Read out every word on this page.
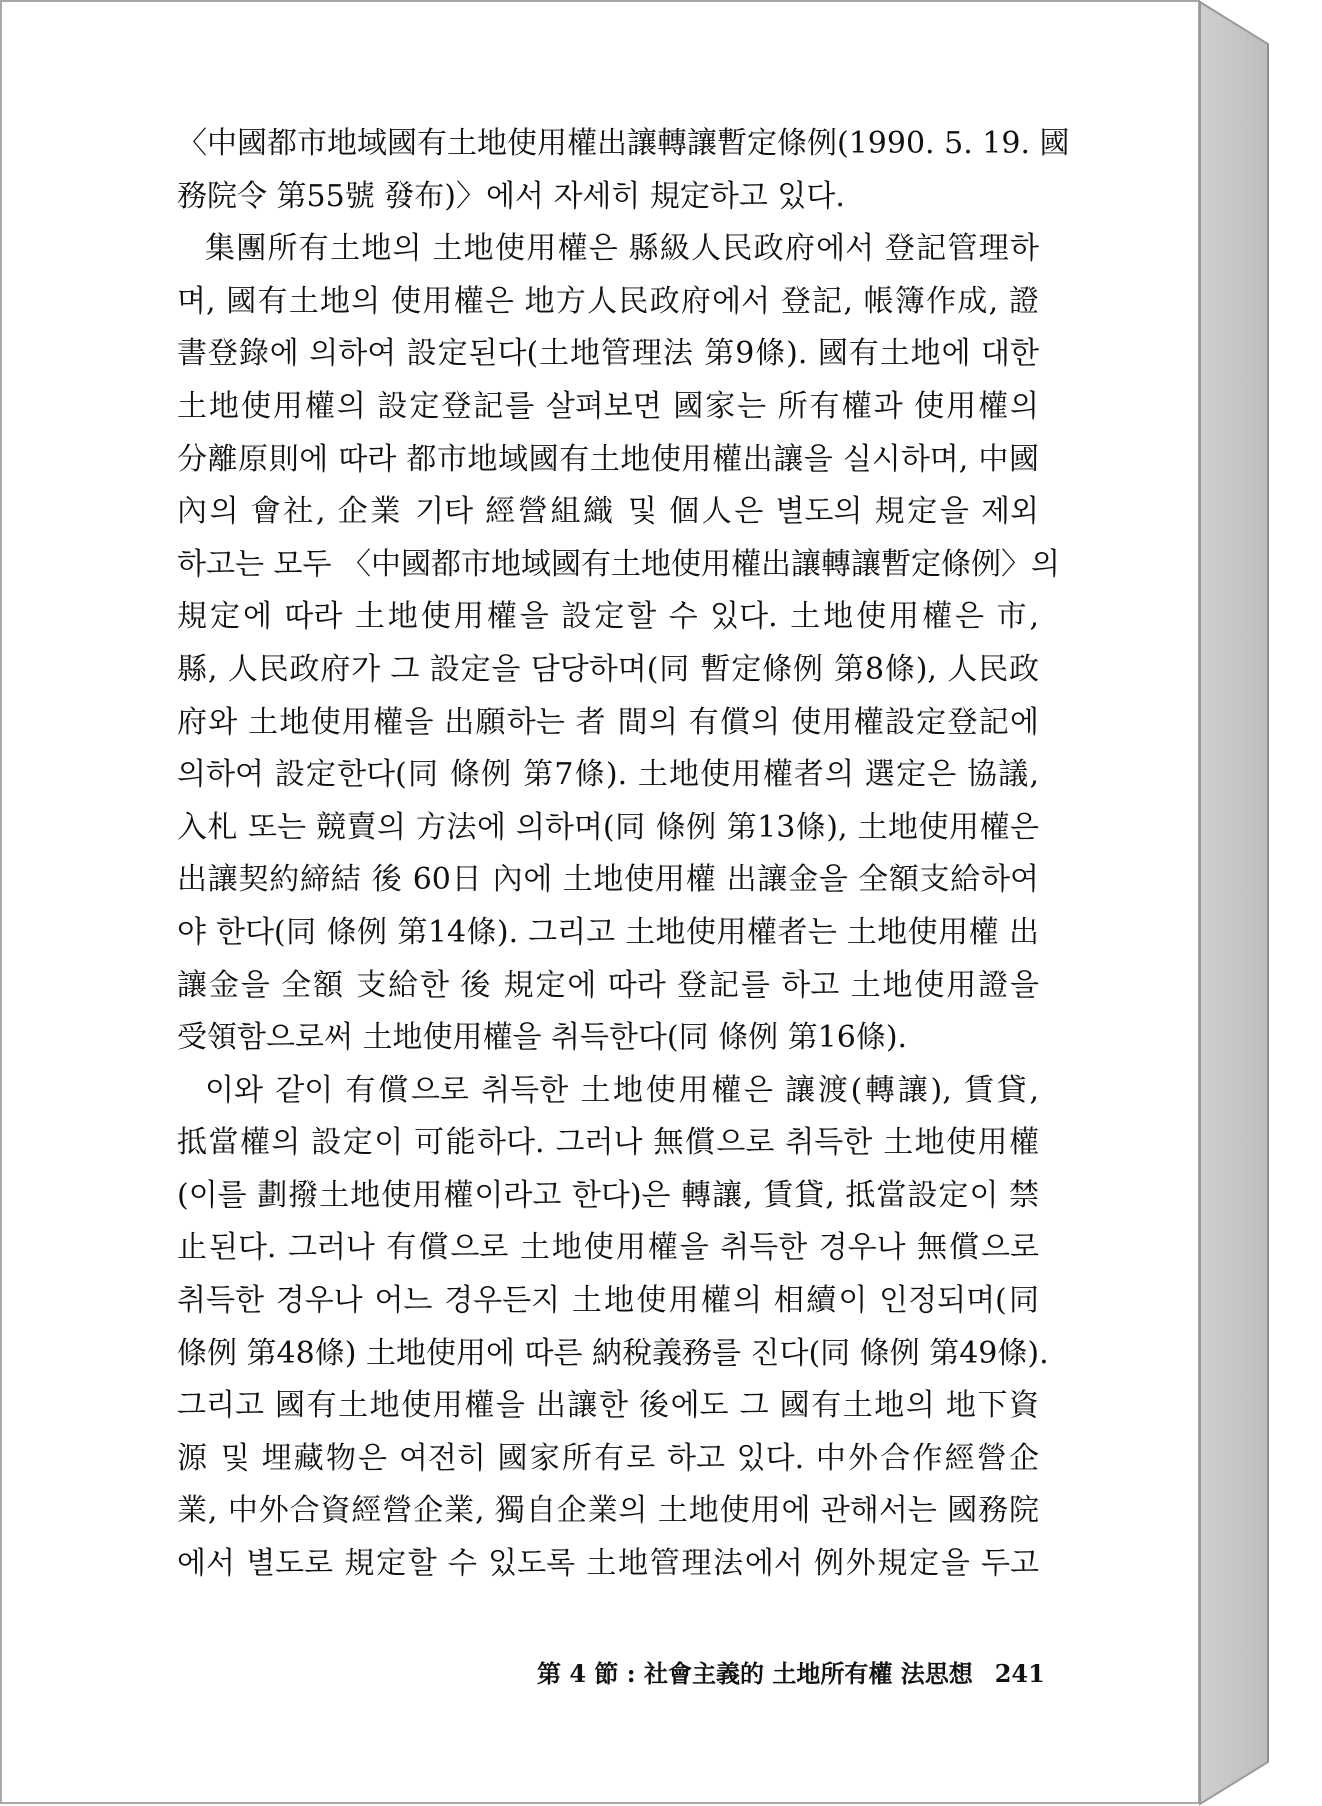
〈中國都市地域國有土地使用權出讓轉讓暫定條例(1990. 5. 19. 國
務院令 第55號 發布)〉에서 자세히 規定하고 있다.
集團所有土地의 土地使用權은 縣級人民政府에서 登記管理하
며, 國有土地의 使用權은 地方人民政府에서 登記, 帳簿作成, 證
書登錄에 의하여 設定된다(土地管理法 第9條). 國有土地에 대한
土地使用權의 設定登記를 살펴보면 國家는 所有權과 使用權의
分離原則에 따라 都市地域國有土地使用權出讓을 실시하며, 中國
內의 會社, 企業 기타 經營組織 및 個人은 별도의 規定을 제외
하고는 모두 〈中國都市地域國有土地使用權出讓轉讓暫定條例〉의
規定에 따라 土地使用權을 設定할 수 있다. 土地使用權은 市,
縣, 人民政府가 그 設定을 담당하며(同 暫定條例 第8條), 人民政
府와 土地使用權을 出願하는 者 間의 有償의 使用權設定登記에
의하여 設定한다(同 條例 第7條). 土地使用權者의 選定은 協議,
入札 또는 競賣의 方法에 의하며(同 條例 第13條), 土地使用權은
出讓契約締結 後 60日 內에 土地使用權 出讓金을 全額支給하여
야 한다(同 條例 第14條). 그리고 土地使用權者는 土地使用權 出
讓金을 全額 支給한 後 規定에 따라 登記를 하고 土地使用證을
受領함으로써 土地使用權을 취득한다(同 條例 第16條).
이와 같이 有償으로 취득한 土地使用權은 讓渡(轉讓), 賃貸,
抵當權의 設定이 可能하다. 그러나 無償으로 취득한 土地使用權
(이를 劃撥土地使用權이라고 한다)은 轉讓, 賃貸, 抵當設定이 禁
止된다. 그러나 有償으로 土地使用權을 취득한 경우나 無償으로
취득한 경우나 어느 경우든지 土地使用權의 相續이 인정되며(同
條例 第48條) 土地使用에 따른 納稅義務를 진다(同 條例 第49條).
그리고 國有土地使用權을 出讓한 後에도 그 國有土地의 地下資
源 및 埋藏物은 여전히 國家所有로 하고 있다. 中外合作經營企
業, 中外合資經營企業, 獨自企業의 土地使用에 관해서는 國務院
에서 별도로 規定할 수 있도록 土地管理法에서 例外規定을 두고
第 4 節 : 社會主義的 土地所有權 法思想 241
